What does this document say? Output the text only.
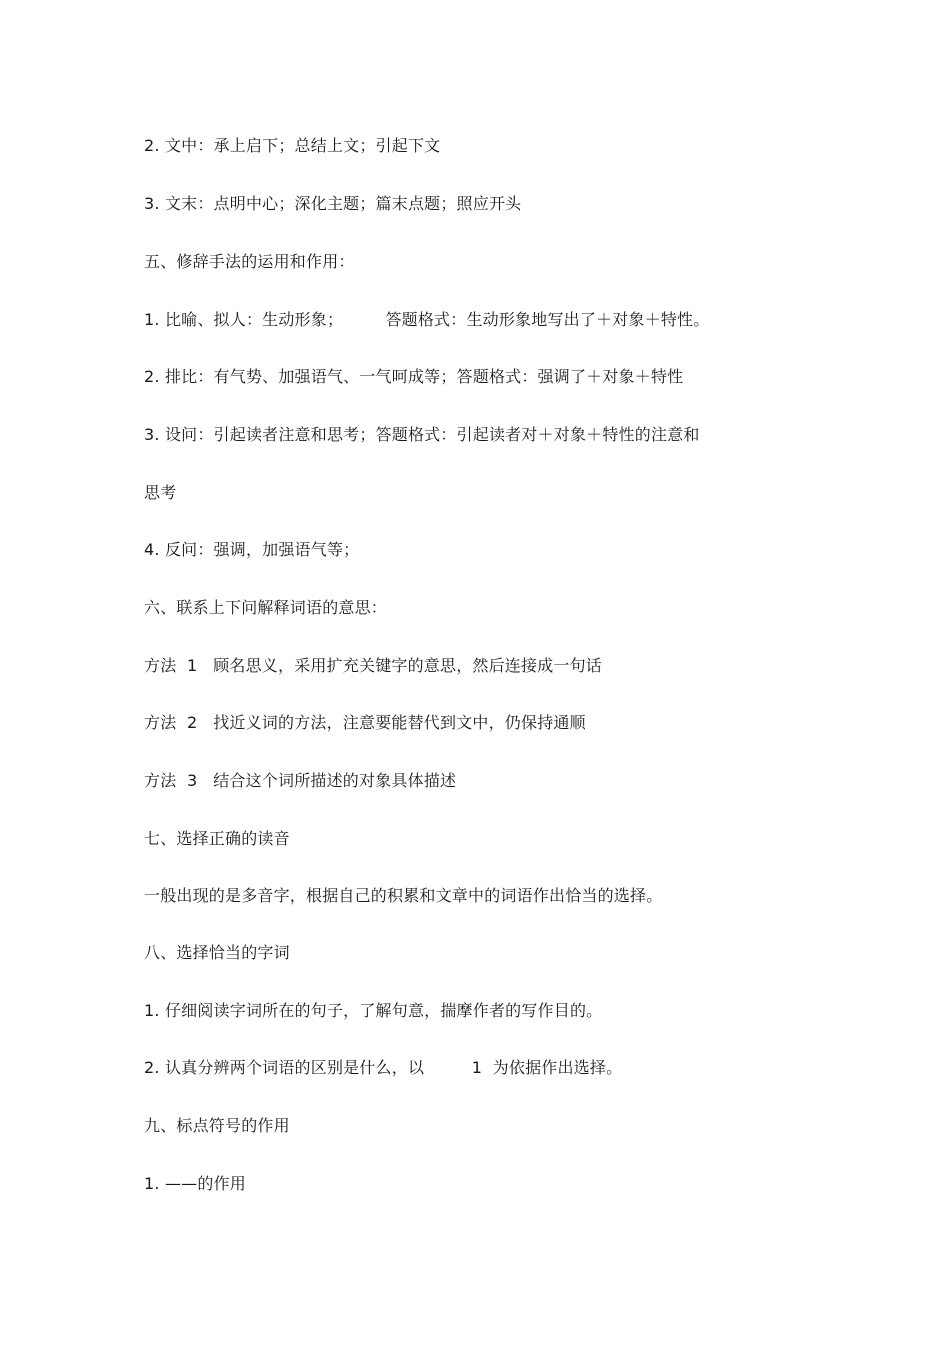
2. 文中：承上启下；总结上文；引起下文
3. 文末：点明中心；深化主题；篇末点题；照应开头
五、修辞手法的运用和作用：
1. 比喻、拟人：生动形象；        答题格式：生动形象地写出了＋对象＋特性。
2. 排比：有气势、加强语气、一气呵成等；答题格式：强调了＋对象＋特性
3. 设问：引起读者注意和思考；答题格式：引起读者对＋对象＋特性的注意和
思考
4. 反问：强调，加强语气等；
六、联系上下问解释词语的意思：
方法  1   顾名思义，采用扩充关键字的意思，然后连接成一句话
方法  2   找近义词的方法，注意要能替代到文中，仍保持通顺
方法  3   结合这个词所描述的对象具体描述
七、选择正确的读音
一般出现的是多音字，根据自己的积累和文章中的词语作出恰当的选择。
八、选择恰当的字词
1. 仔细阅读字词所在的句子，了解句意，揣摩作者的写作目的。
2. 认真分辨两个词语的区别是什么，以         1  为依据作出选择。
九、标点符号的作用
1. ——的作用
